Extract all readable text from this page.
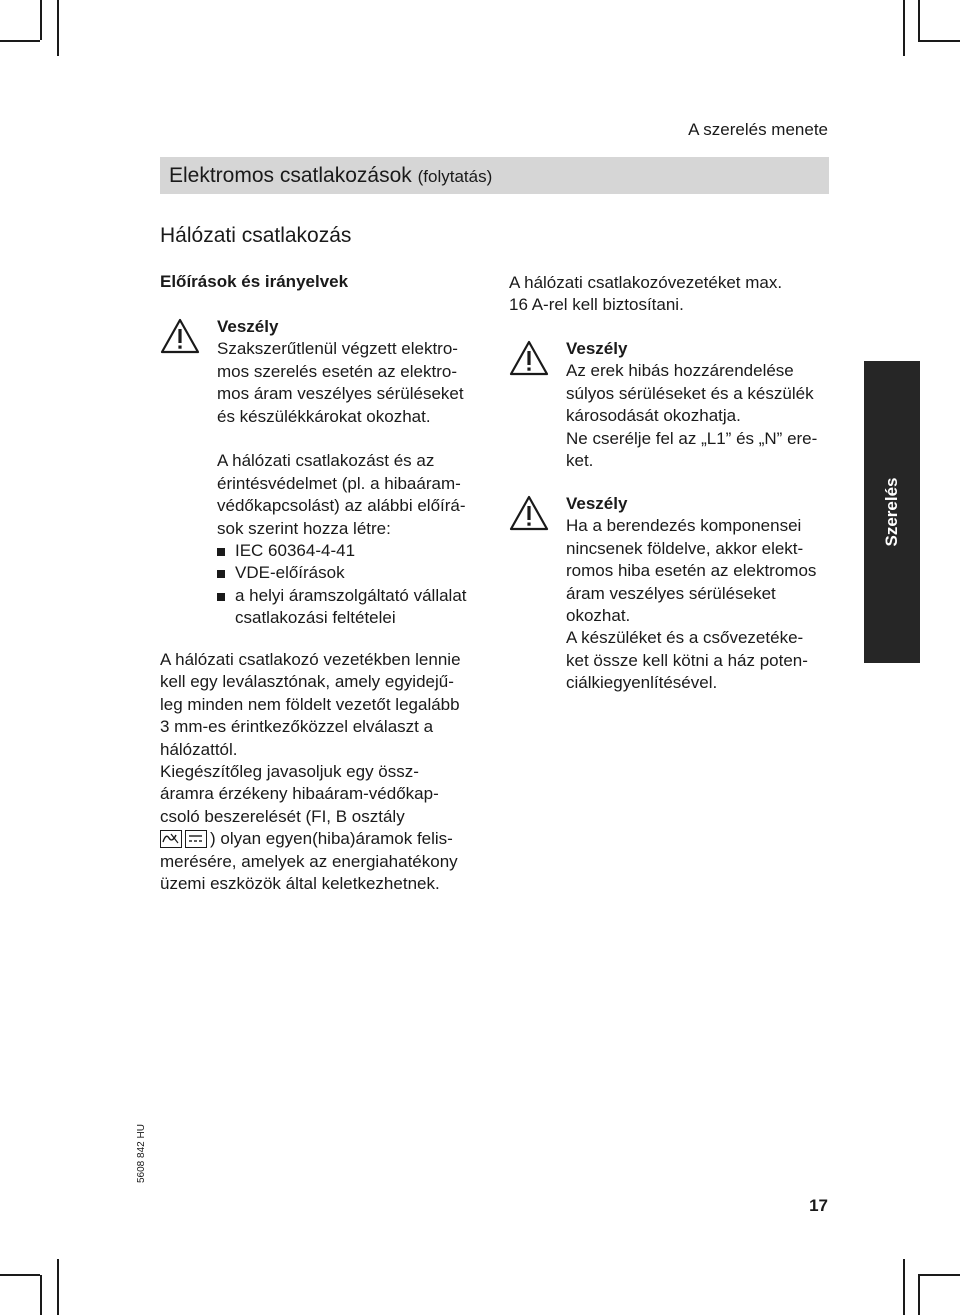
A szerelés menete
Elektromos csatlakozások (folytatás)
Hálózati csatlakozás
Előírások és irányelvek
Veszély
Szakszerűtlenül végzett elektro-
mos szerelés esetén az elektro-
mos áram veszélyes sérüléseket
és készülékkárokat okozhat.
A hálózati csatlakozást és az
érintésvédelmet (pl. a hibaáram-
védőkapcsolást) az alábbi előírá-
sok szerint hozza létre:
IEC 60364-4-41
VDE-előírások
a helyi áramszolgáltató vállalat
csatlakozási feltételei
A hálózati csatlakozó vezetékben lennie
kell egy leválasztónak, amely egyidejű-
leg minden nem földelt vezetőt legalább
3 mm-es érintkezőközzel elválaszt a
hálózattól.
Kiegészítőleg javasoljuk egy össz-
áramra érzékeny hibaáram-védőkap-
csoló beszerelését (FI, B osztály
) olyan egyen(hiba)áramok felis-
merésére, amelyek az energiahatékony
üzemi eszközök által keletkezhetnek.
A hálózati csatlakozóvezetéket max.
16 A-rel kell biztosítani.
Veszély
Az erek hibás hozzárendelése
súlyos sérüléseket és a készülék
károsodását okozhatja.
Ne cserélje fel az „L1” és „N” ere-
ket.
Veszély
Ha a berendezés komponensei
nincsenek földelve, akkor elekt-
romos hiba esetén az elektromos
áram veszélyes sérüléseket
okozhat.
A készüléket és a csővezetéke-
ket össze kell kötni a ház poten-
ciálkiegyenlítésével.
Szerelés
5608 842 HU
17
